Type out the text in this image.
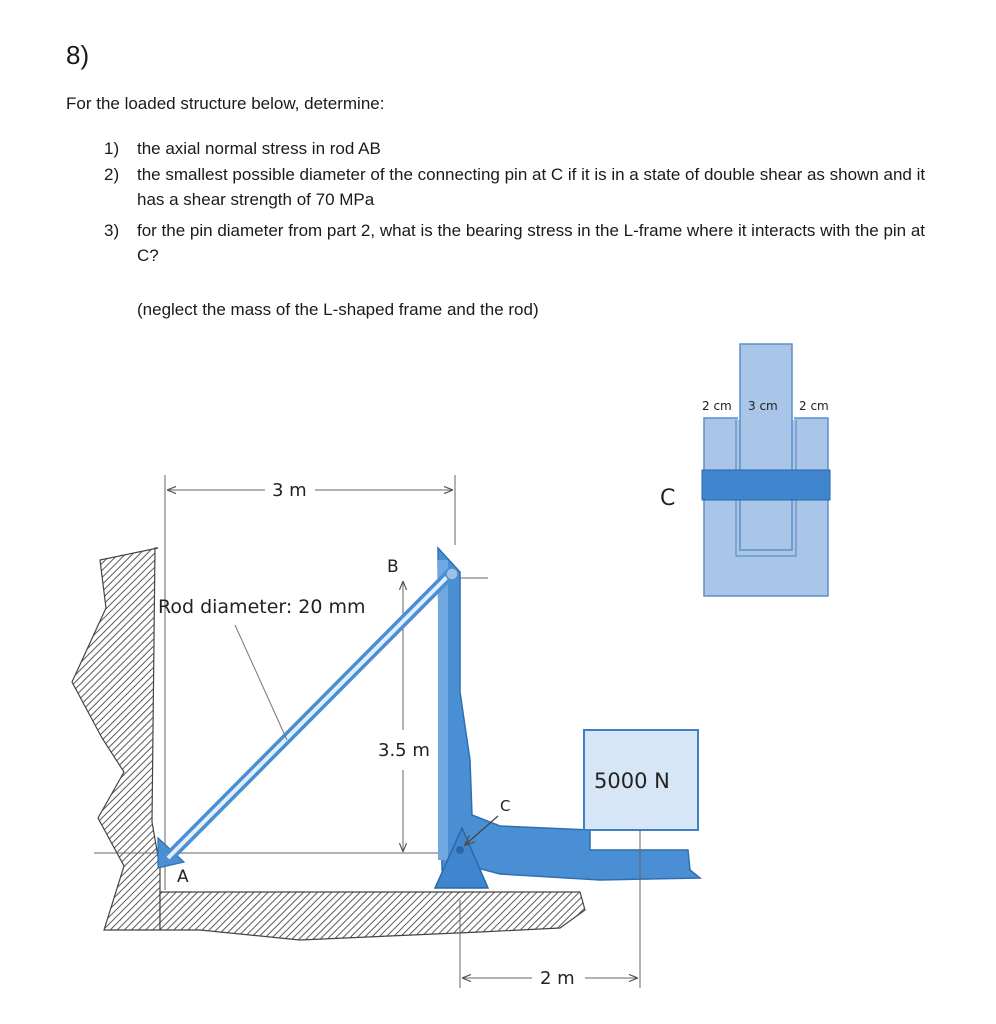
8)
For the loaded structure below, determine:
1) the axial normal stress in rod AB
2) the smallest possible diameter of the connecting pin at C if it is in a state of double shear as shown and it has a shear strength of 70 MPa
3) for the pin diameter from part 2, what is the bearing stress in the L-frame where it interacts with the pin at C?
(neglect the mass of the L-shaped frame and the rod)
3 m
3.5 m
B
A
C
Rod diameter: 20 mm
5000 N
2 m
C
2 cm 3 cm 2 cm
